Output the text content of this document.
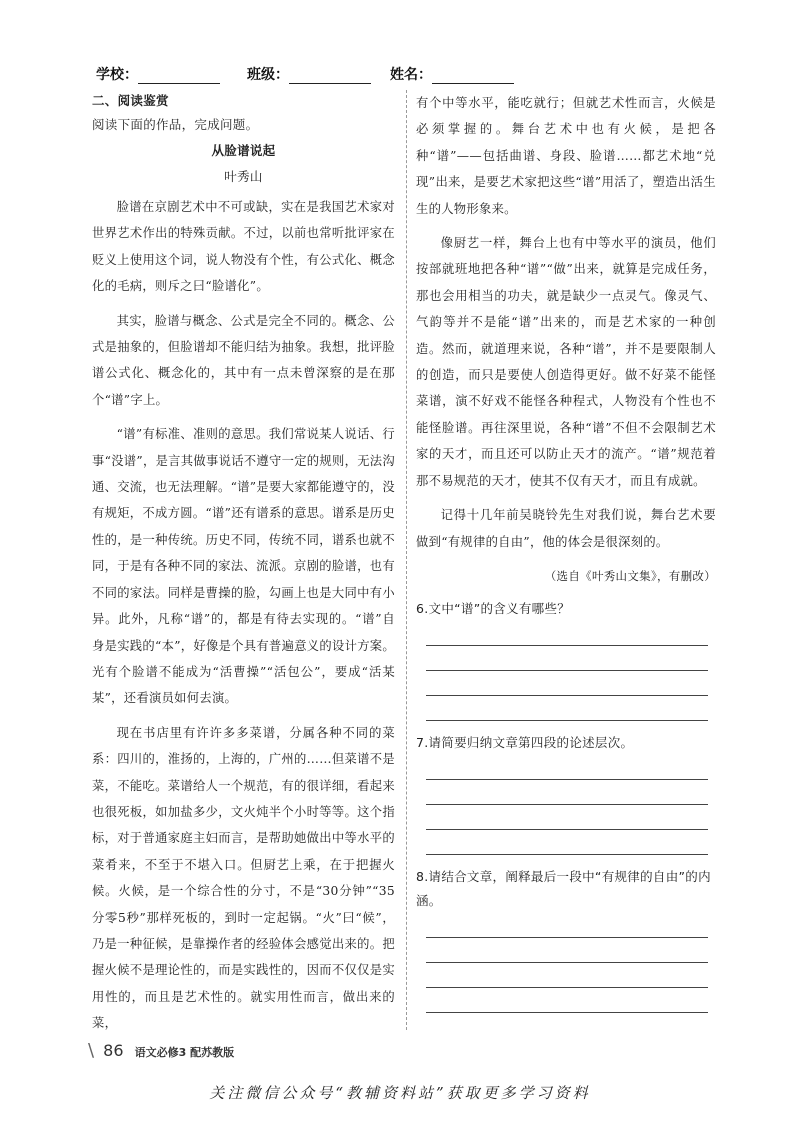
学校：	班级：	姓名：
二、阅读鉴赏
阅读下面的作品，完成问题。
从脸谱说起
叶秀山

脸谱在京剧艺术中不可或缺，实在是我国艺术家对世界艺术作出的特殊贡献。不过，以前也常听批评家在贬义上使用这个词，说人物没有个性，有公式化、概念化的毛病，则斥之曰“脸谱化”。

其实，脸谱与概念、公式是完全不同的。概念、公式是抽象的，但脸谱却不能归结为抽象。我想，批评脸谱公式化、概念化的，其中有一点未曾深察的是在那个“谱”字上。

“谱”有标准、准则的意思。我们常说某人说话、行事“没谱”，是言其做事说话不遵守一定的规则，无法沟通、交流，也无法理解。“谱”是要大家都能遵守的，没有规矩，不成方圆。“谱”还有谱系的意思。谱系是历史性的，是一种传统。历史不同，传统不同，谱系也就不同，于是有各种不同的家法、流派。京剧的脸谱，也有不同的家法。同样是曹操的脸，勾画上也是大同中有小异。此外，凡称“谱”的，都是有待去实现的。“谱”自身是实践的“本”，好像是个具有普遍意义的设计方案。光有个脸谱不能成为“活曹操”“活包公”，要成“活某某”，还看演员如何去演。

现在书店里有许许多多菜谱，分属各种不同的菜系：四川的，淮扬的，上海的，广州的……但菜谱不是菜，不能吃。菜谱给人一个规范，有的很详细，看起来也很死板，如加盐多少，文火炖半个小时等等。这个指标，对于普通家庭主妇而言，是帮助她做出中等水平的菜肴来，不至于不堪入口。但厨艺上乘，在于把握火候。火候，是一个综合性的分寸，不是“30分钟”“35分零5秒”那样死板的，到时一定起锅。“火”曰“候”，乃是一种征候，是靠操作者的经验体会感觉出来的。把握火候不是理论性的，而是实践性的，因而不仅仅是实用性的，而且是艺术性的。就实用性而言，做出来的菜，

有个中等水平，能吃就行；但就艺术性而言，火候是必须掌握的。舞台艺术中也有火候，是把各种“谱”——包括曲谱、身段、脸谱……都艺术地“兑现”出来，是要艺术家把这些“谱”用活了，塑造出活生生的人物形象来。

像厨艺一样，舞台上也有中等水平的演员，他们按部就班地把各种“谱”“做”出来，就算是完成任务，那也会用相当的功夫，就是缺少一点灵气。像灵气、气韵等并不是能“谱”出来的，而是艺术家的一种创造。然而，就道理来说，各种“谱”，并不是要限制人的创造，而只是要使人创造得更好。做不好菜不能怪菜谱，演不好戏不能怪各种程式，人物没有个性也不能怪脸谱。再往深里说，各种“谱”不但不会限制艺术家的天才，而且还可以防止天才的流产。“谱”规范着那不易规范的天才，使其不仅有天才，而且有成就。

记得十几年前吴晓铃先生对我们说，舞台艺术要做到“有规律的自由”，他的体会是很深刻的。

（选自《叶秀山文集》，有删改）
6.文中“谱”的含义有哪些？
7.请简要归纳文章第四段的论述层次。
8.请结合文章，阐释最后一段中“有规律的自由”的内涵。
\ 86 语文必修3 配苏教版
关注微信公众号“教辅资料站”获取更多学习资料
